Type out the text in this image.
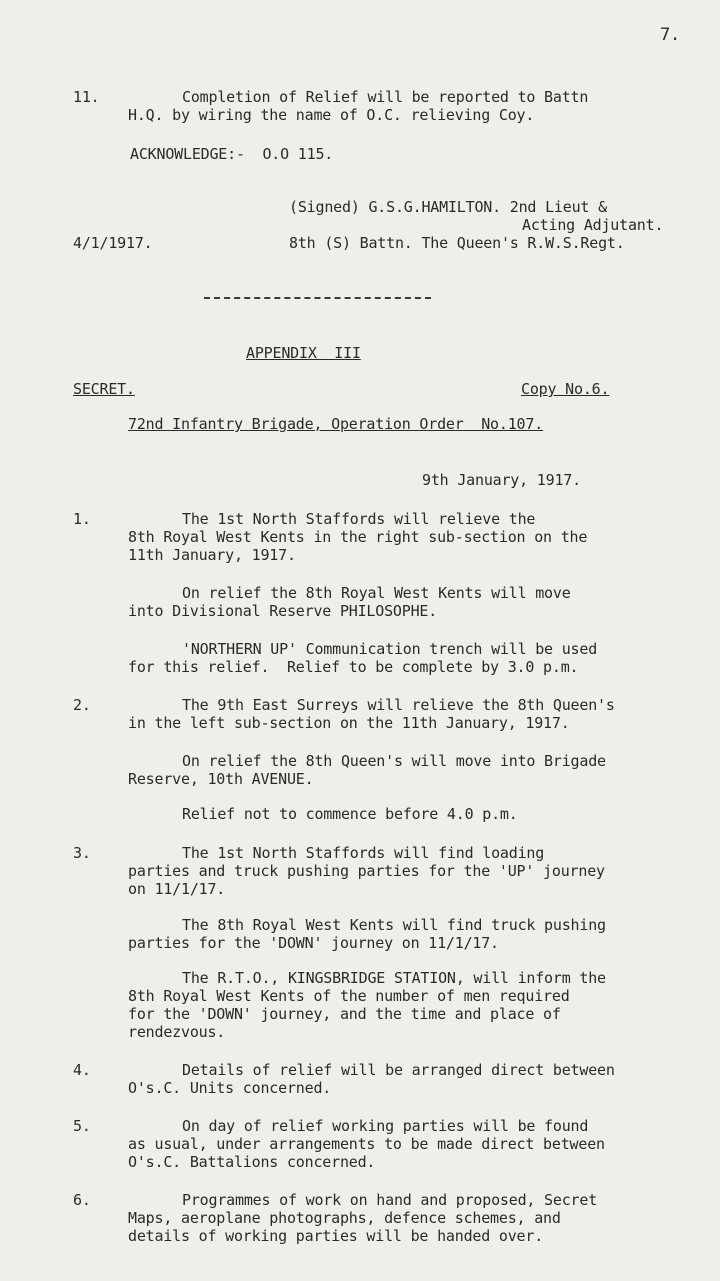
7.
11.	Completion of Relief will be reported to Battn
H.Q. by wiring the name of O.C. relieving Coy.
ACKNOWLEDGE:-  O.O 115.
(Signed) G.S.G.HAMILTON. 2nd Lieut &
Acting Adjutant.
4/1/1917.	8th (S) Battn. The Queen's R.W.S.Regt.
APPENDIX  III
SECRET.	Copy No.6.
72nd Infantry Brigade, Operation Order  No.107.
9th January, 1917.
1.	The 1st North Staffords will relieve the
8th Royal West Kents in the right sub-section on the
11th January, 1917.
On relief the 8th Royal West Kents will move
into Divisional Reserve PHILOSOPHE.
'NORTHERN UP' Communication trench will be used
for this relief.  Relief to be complete by 3.0 p.m.
2.	The 9th East Surreys will relieve the 8th Queen's
in the left sub-section on the 11th January, 1917.
On relief the 8th Queen's will move into Brigade
Reserve, 10th AVENUE.
Relief not to commence before 4.0 p.m.
3.	The 1st North Staffords will find loading
parties and truck pushing parties for the 'UP' journey
on 11/1/17.
The 8th Royal West Kents will find truck pushing
parties for the 'DOWN' journey on 11/1/17.
The R.T.O., KINGSBRIDGE STATION, will inform the
8th Royal West Kents of the number of men required
for the 'DOWN' journey, and the time and place of
rendezvous.
4.	Details of relief will be arranged direct between
O's.C. Units concerned.
5.	On day of relief working parties will be found
as usual, under arrangements to be made direct between
O's.C. Battalions concerned.
6.	Programmes of work on hand and proposed, Secret
Maps, aeroplane photographs, defence schemes, and
details of working parties will be handed over.
